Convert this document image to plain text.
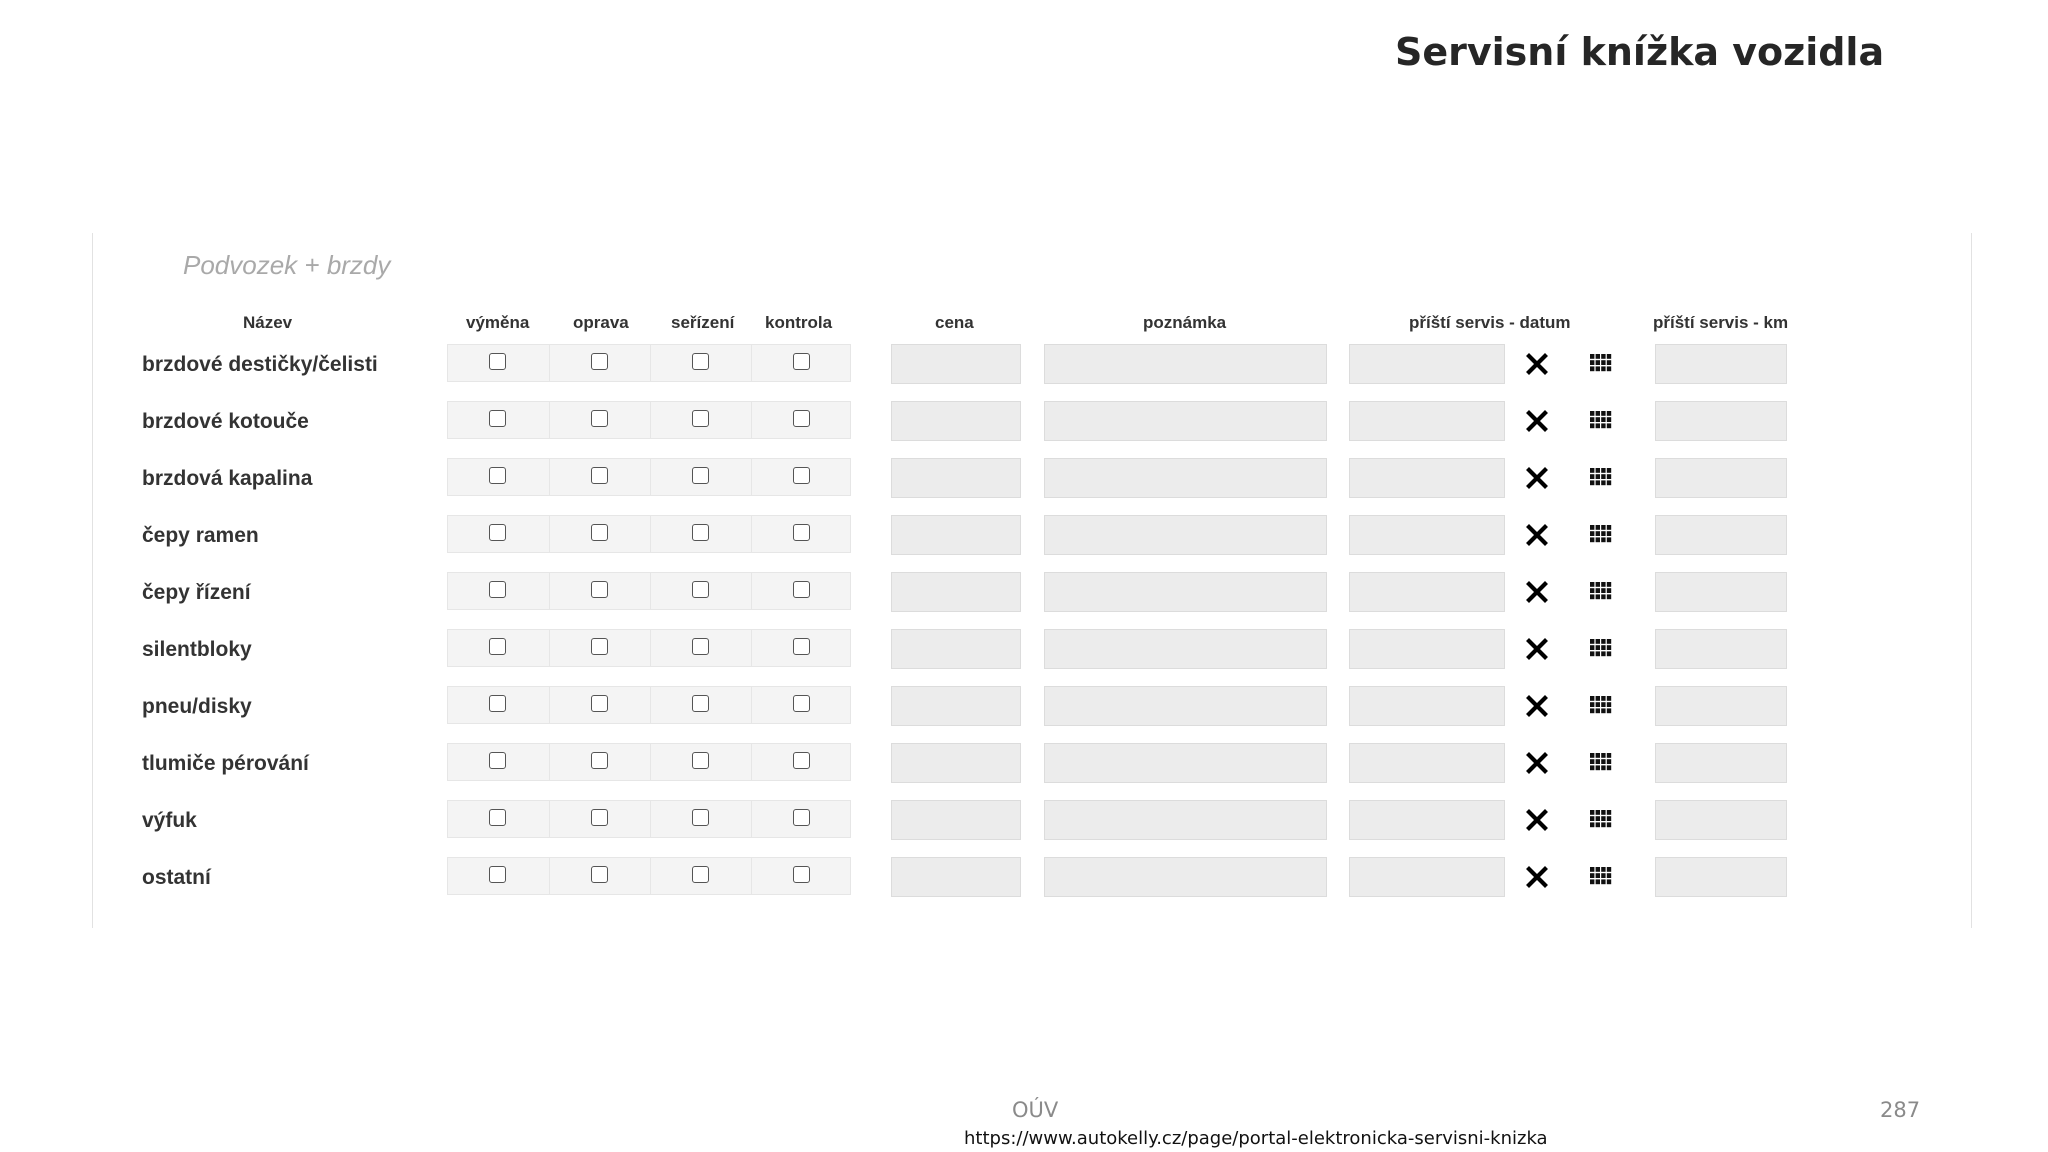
Servisní knížka vozidla
Podvozek + brzdy
Název	výměna	oprava seřízení kontrola	cena	poznámka	příští servis - datum	příští servis - km
brzdové destičky/čelisti
brzdové kotouče
brzdová kapalina
čepy ramen
čepy řízení
silentbloky
pneu/disky
tlumiče pérování
výfuk
ostatní
OÚV	287
https://www.autokelly.cz/page/portal-elektronicka-servisni-knizka
